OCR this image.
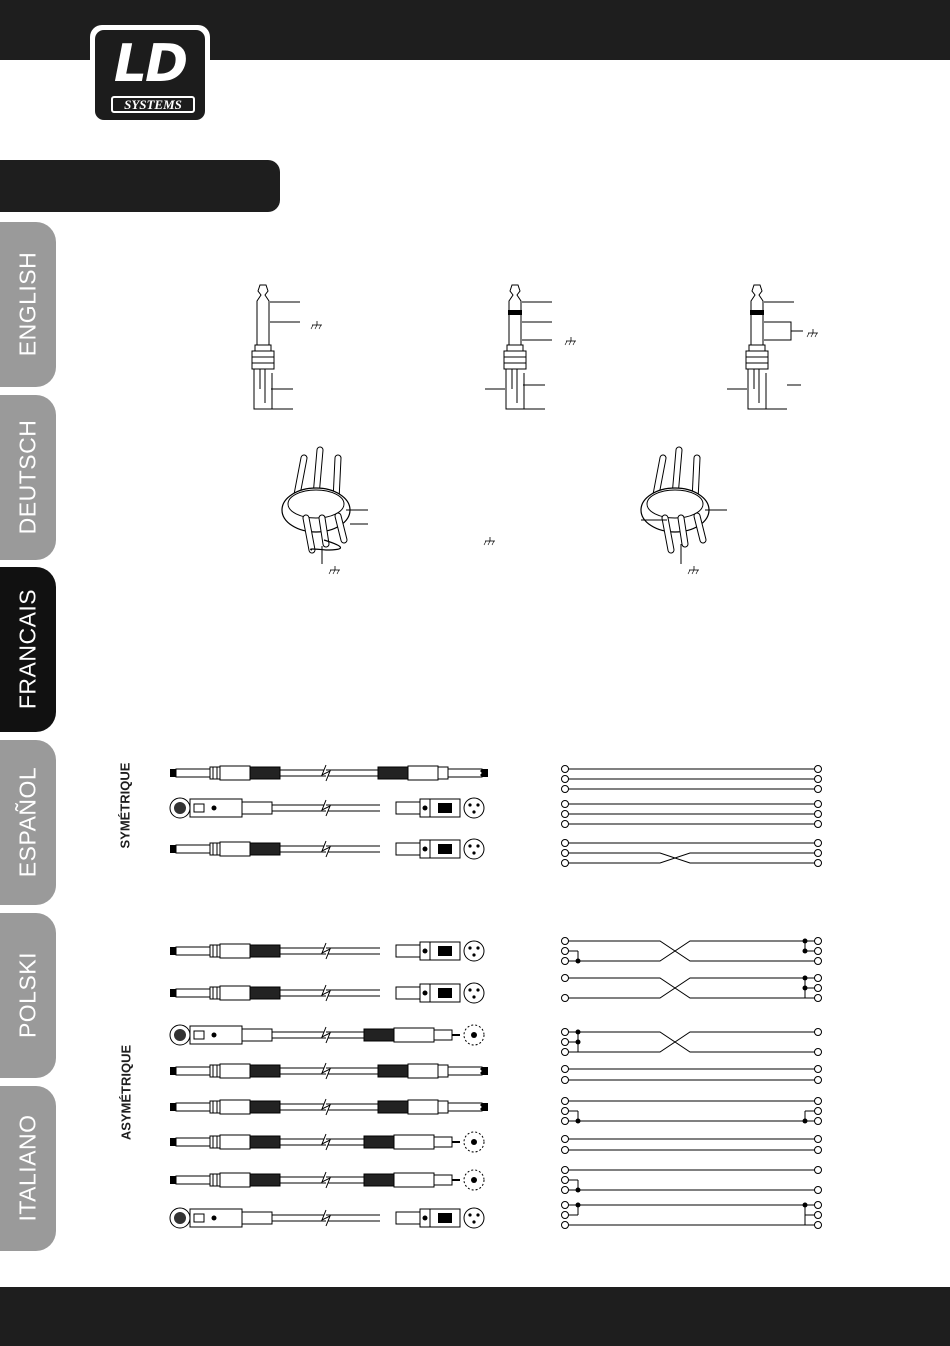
LD
SYSTEMS
ENGLISH
DEUTSCH
FRANCAIS
ESPAÑOL
POLSKI
ITALIANO
SYMÉTRIQUE
ASYMÉTRIQUE
